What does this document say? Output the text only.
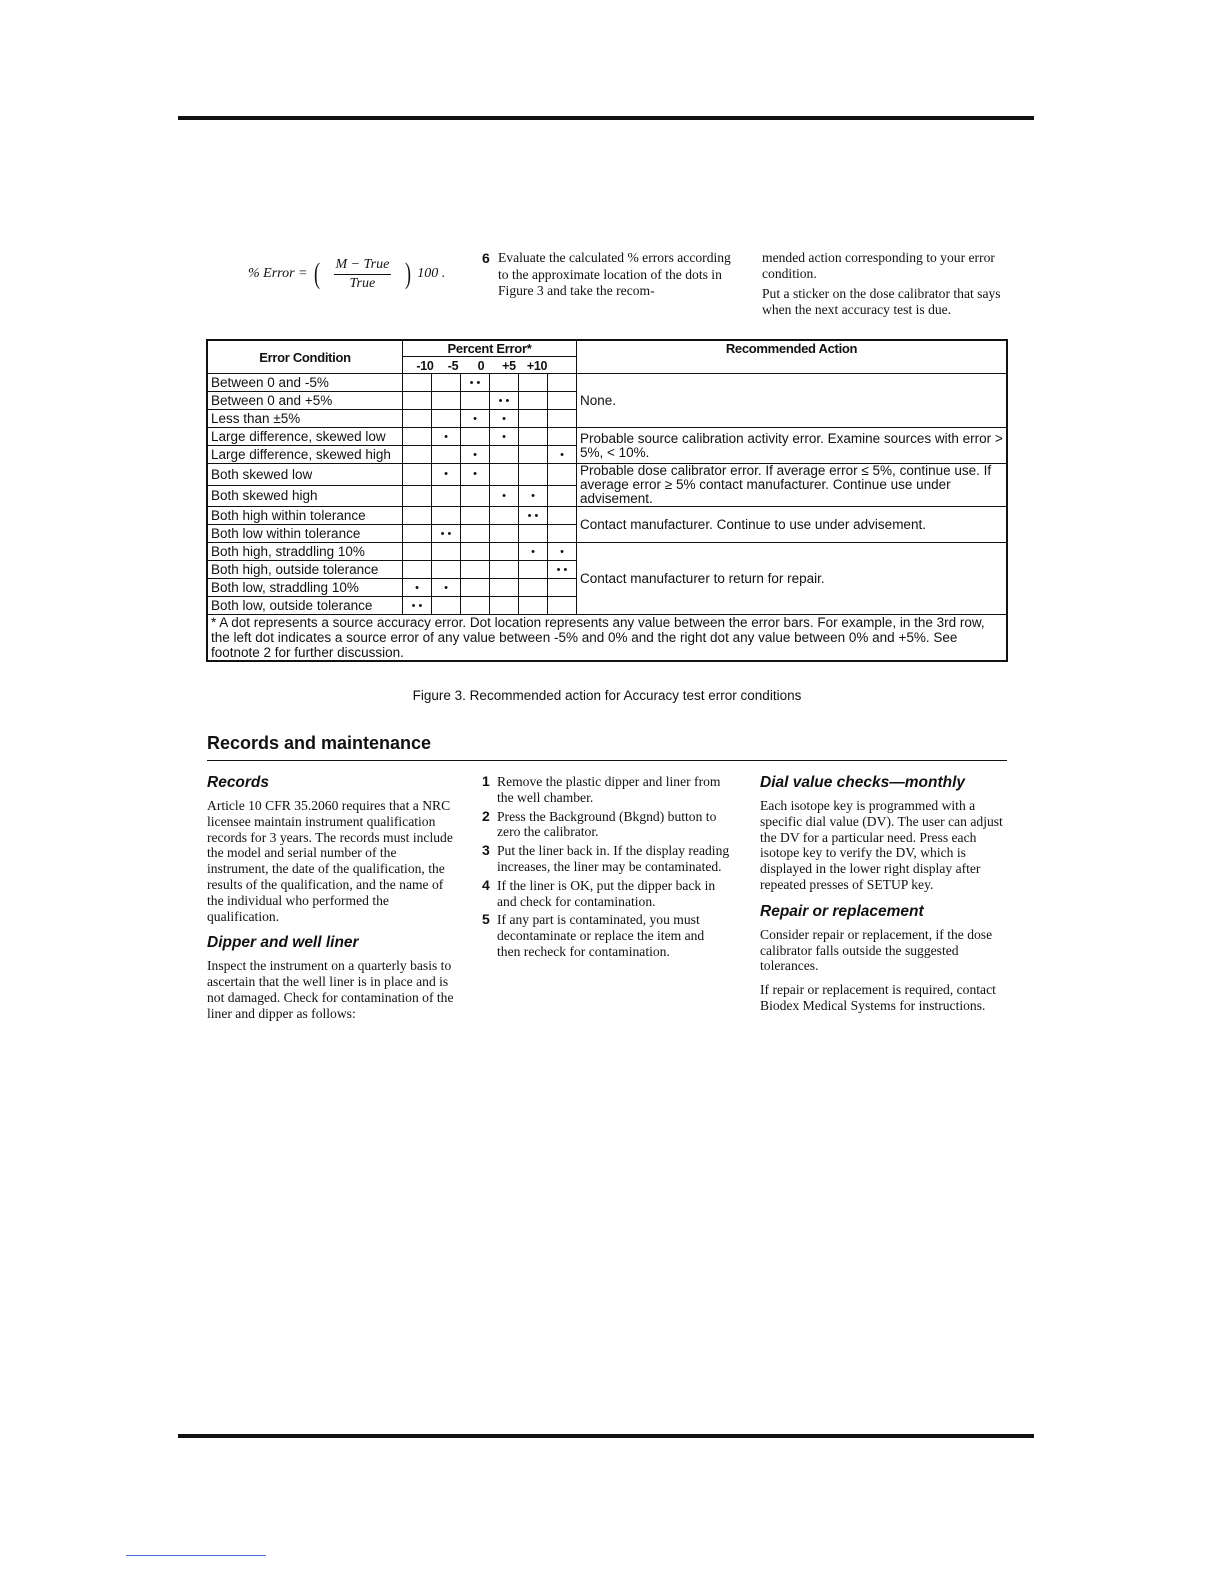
% Error = ( $\frac{\text{M − True}}{\text{True}}$ ) 100 .
6 Evaluate the calculated % errors according to the approximate location of the dots in Figure 3 and take the recom-

mended action corresponding to your error condition.

Put a sticker on the dose calibrator that says when the next accuracy test is due.

Error Condition	Percent Error*						Recommended Action
	-10 -5 0 +5 +10						
Between 0 and -5%			• •				None.
Between 0 and +5%				• •			
Less than ±5%			•	•			
Large difference, skewed low		•		•			Probable source calibration activity error. Examine sources with error > 5%, < 10%.
Large difference, skewed high			•			•	
Both skewed low		•	•				Probable dose calibrator error. If average error ≤ 5%, continue use. If average error ≥ 5% contact manufacturer. Continue use under advisement.
Both skewed high				•	•		
Both high within tolerance					• •		Contact manufacturer. Continue to use under advisement.
Both low within tolerance		• •					
Both high, straddling 10%					•	•	Contact manufacturer to return for repair.
Both high, outside tolerance						• •	
Both low, straddling 10%	•	•					
Both low, outside tolerance	• •						
* A dot represents a source accuracy error. Dot location represents any value between the error bars. For example, in the 3rd row, the left dot indicates a source error of any value between -5% and 0% and the right dot any value between 0% and +5%. See footnote 2 for further discussion.							
Figure 3. Recommended action for Accuracy test error conditions
Records and maintenance
Records

Article 10 CFR 35.2060 requires that a NRC licensee maintain instrument qualification records for 3 years. The records must include the model and serial number of the instrument, the date of the qualification, the results of the qualification, and the name of the individual who performed the qualification.

Dipper and well liner

Inspect the instrument on a quarterly basis to ascertain that the well liner is in place and is not damaged. Check for contamination of the liner and dipper as follows:

1 Remove the plastic dipper and liner from the well chamber.
2 Press the Background (Bkgnd) button to zero the calibrator.
3 Put the liner back in. If the display reading increases, the liner may be contaminated.
4 If the liner is OK, put the dipper back in and check for contamination.
5 If any part is contaminated, you must decontaminate or replace the item and then recheck for contamination.
Dial value checks—monthly

Each isotope key is programmed with a specific dial value (DV). The user can adjust the DV for a particular need. Press each isotope key to verify the DV, which is displayed in the lower right display after repeated presses of SETUP key.

Repair or replacement

Consider repair or replacement, if the dose calibrator falls outside the suggested tolerances.

If repair or replacement is required, contact Biodex Medical Systems for instructions.
